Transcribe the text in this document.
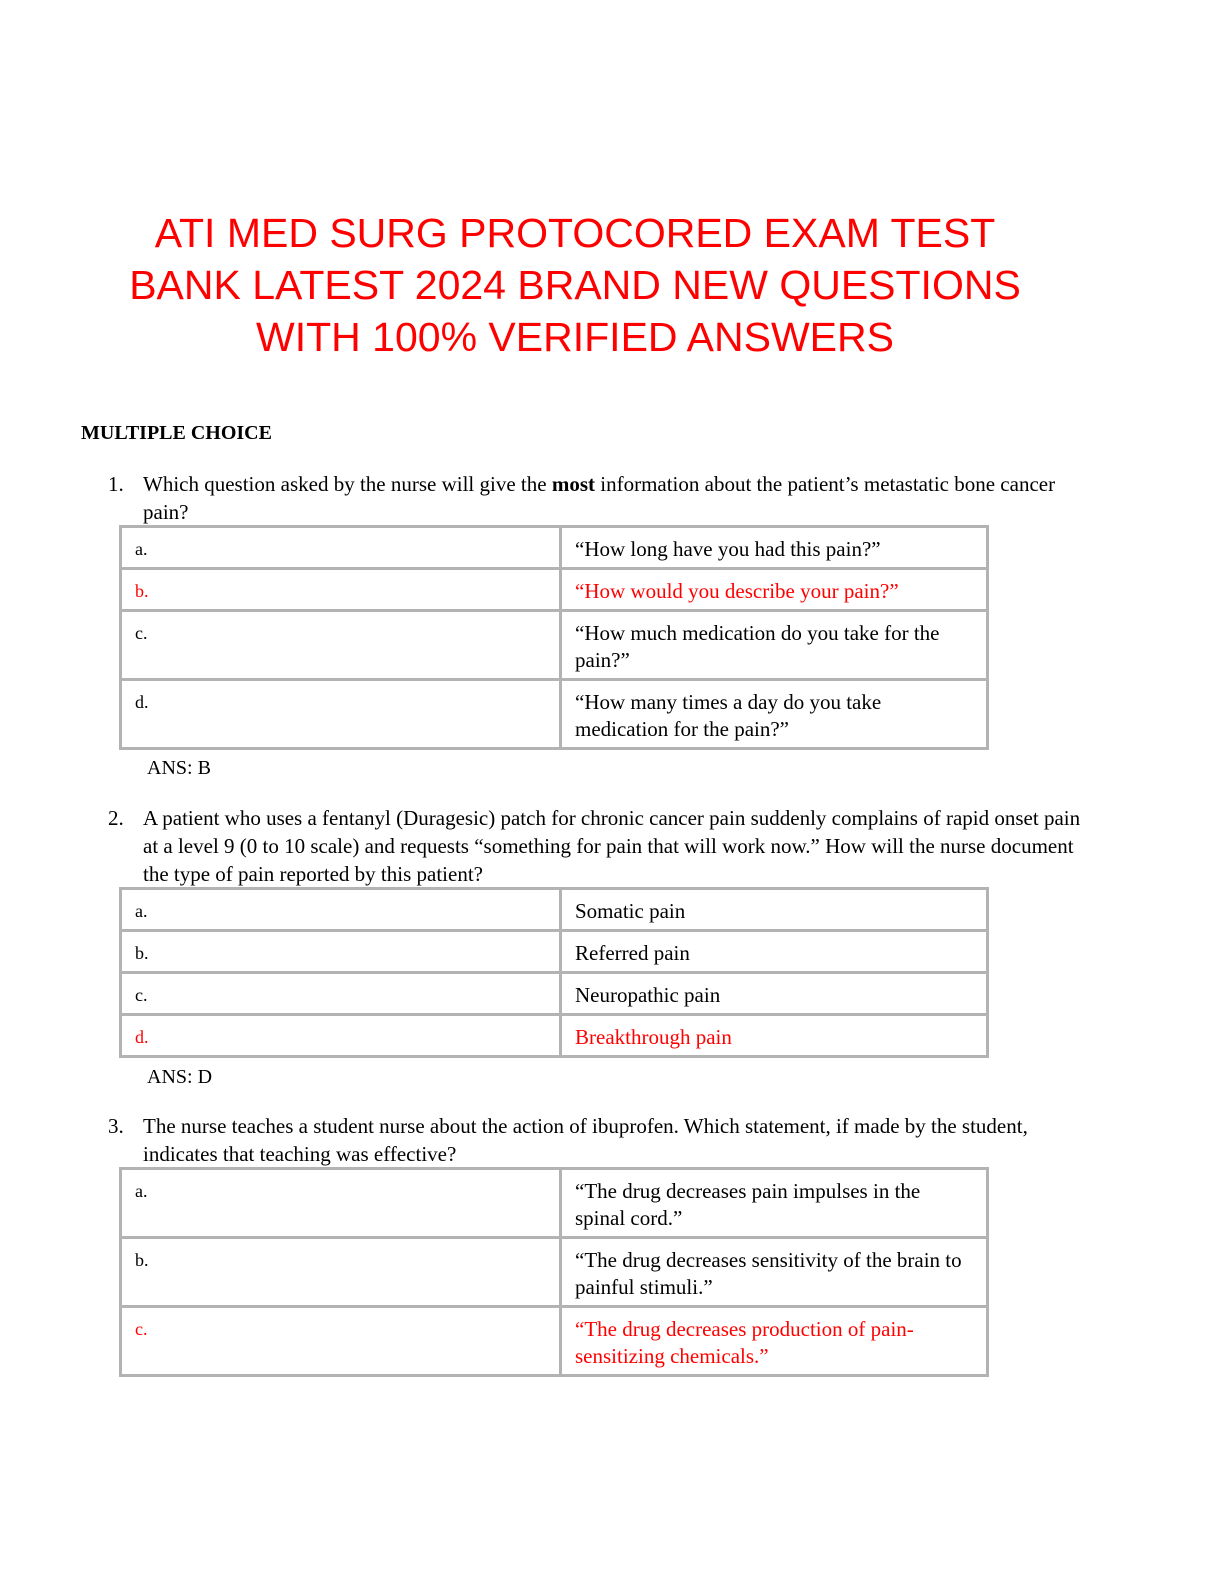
ATI MED SURG PROTOCORED EXAM TEST
BANK LATEST 2024 BRAND NEW QUESTIONS
WITH 100% VERIFIED ANSWERS
MULTIPLE CHOICE
1. Which question asked by the nurse will give the most information about the patient’s metastatic bone cancer pain?
a.	“How long have you had this pain?”
b.	“How would you describe your pain?”
c.	“How much medication do you take for the pain?”
d.	“How many times a day do you take medication for the pain?”
ANS: B
2. A patient who uses a fentanyl (Duragesic) patch for chronic cancer pain suddenly complains of rapid onset pain at a level 9 (0 to 10 scale) and requests “something for pain that will work now.” How will the nurse document the type of pain reported by this patient?
a.	Somatic pain
b.	Referred pain
c.	Neuropathic pain
d.	Breakthrough pain
ANS: D
3. The nurse teaches a student nurse about the action of ibuprofen. Which statement, if made by the student, indicates that teaching was effective?
a.	“The drug decreases pain impulses in the spinal cord.”
b.	“The drug decreases sensitivity of the brain to painful stimuli.”
c.	“The drug decreases production of pain-sensitizing chemicals.”
